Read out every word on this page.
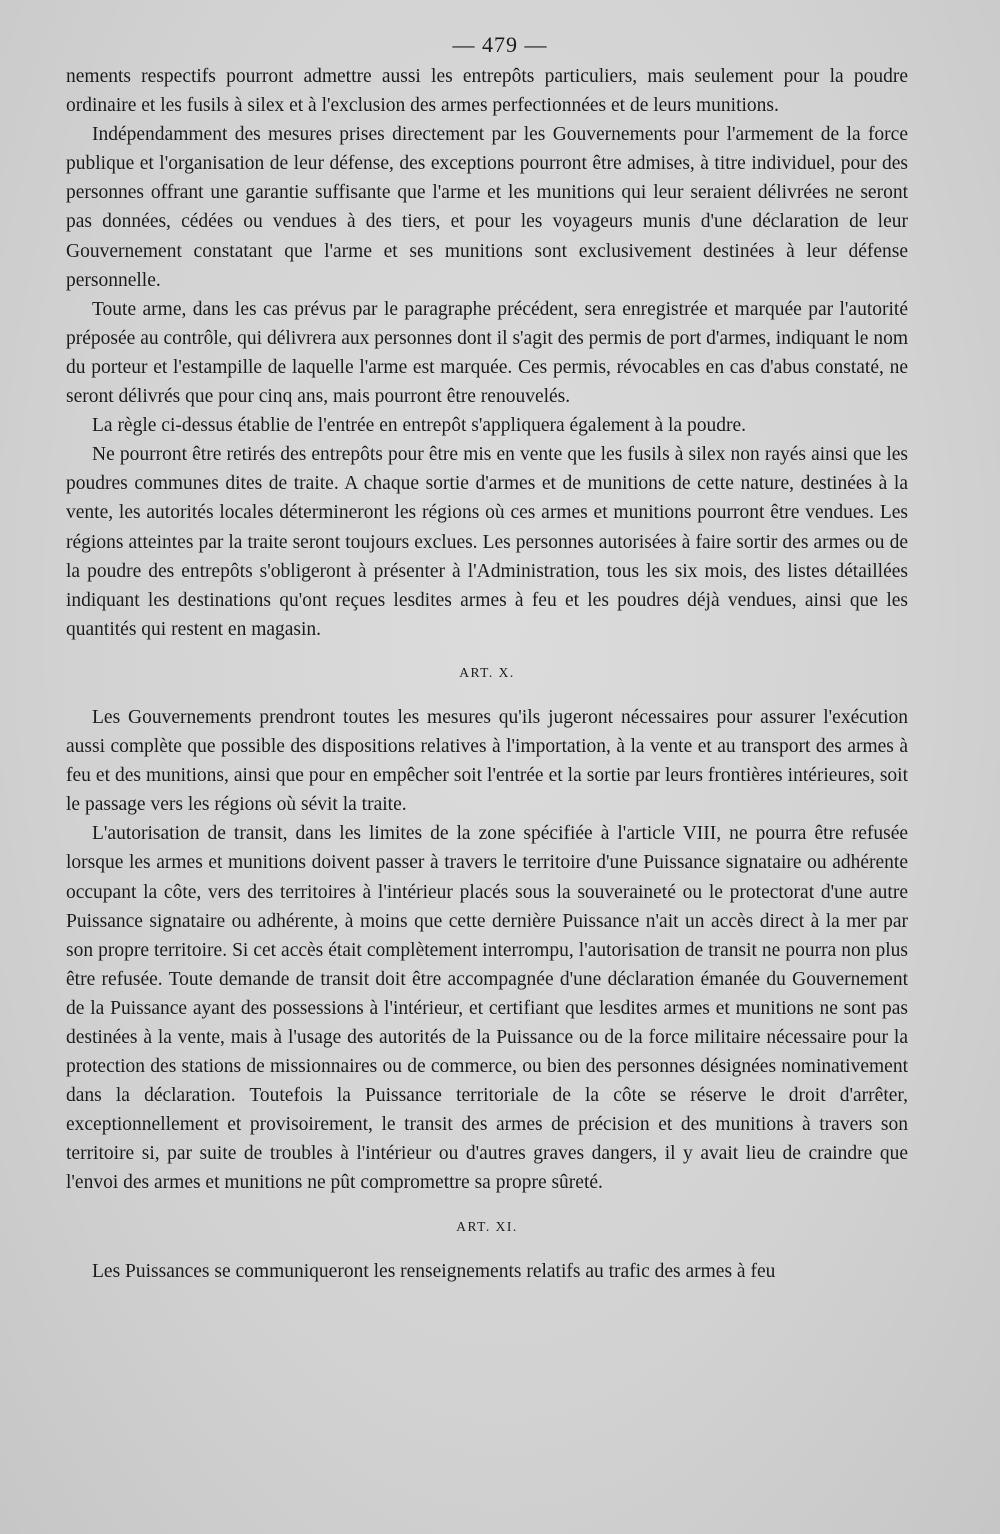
— 479 —

nements respectifs pourront admettre aussi les entrepôts particuliers, mais seulement pour la poudre ordinaire et les fusils à silex et à l'exclusion des armes perfectionnées et de leurs munitions.

Indépendamment des mesures prises directement par les Gouvernements pour l'armement de la force publique et l'organisation de leur défense, des exceptions pourront être admises, à titre individuel, pour des personnes offrant une garantie suffisante que l'arme et les munitions qui leur seraient délivrées ne seront pas données, cédées ou vendues à des tiers, et pour les voyageurs munis d'une déclaration de leur Gouvernement constatant que l'arme et ses munitions sont exclusivement destinées à leur défense personnelle.

Toute arme, dans les cas prévus par le paragraphe précédent, sera enregistrée et marquée par l'autorité préposée au contrôle, qui délivrera aux personnes dont il s'agit des permis de port d'armes, indiquant le nom du porteur et l'estampille de laquelle l'arme est marquée. Ces permis, révocables en cas d'abus constaté, ne seront délivrés que pour cinq ans, mais pourront être renouvelés.

La règle ci-dessus établie de l'entrée en entrepôt s'appliquera également à la poudre.

Ne pourront être retirés des entrepôts pour être mis en vente que les fusils à silex non rayés ainsi que les poudres communes dites de traite. A chaque sortie d'armes et de munitions de cette nature, destinées à la vente, les autorités locales détermineront les régions où ces armes et munitions pourront être vendues. Les régions atteintes par la traite seront toujours exclues. Les personnes autorisées à faire sortir des armes ou de la poudre des entrepôts s'obligeront à présenter à l'Administration, tous les six mois, des listes détaillées indiquant les destinations qu'ont reçues lesdites armes à feu et les poudres déjà vendues, ainsi que les quantités qui restent en magasin.

ART. X.

Les Gouvernements prendront toutes les mesures qu'ils jugeront nécessaires pour assurer l'exécution aussi complète que possible des dispositions relatives à l'importation, à la vente et au transport des armes à feu et des munitions, ainsi que pour en empêcher soit l'entrée et la sortie par leurs frontières intérieures, soit le passage vers les régions où sévit la traite.

L'autorisation de transit, dans les limites de la zone spécifiée à l'article VIII, ne pourra être refusée lorsque les armes et munitions doivent passer à travers le territoire d'une Puissance signataire ou adhérente occupant la côte, vers des territoires à l'intérieur placés sous la souveraineté ou le protectorat d'une autre Puissance signataire ou adhérente, à moins que cette dernière Puissance n'ait un accès direct à la mer par son propre territoire. Si cet accès était complètement interrompu, l'autorisation de transit ne pourra non plus être refusée. Toute demande de transit doit être accompagnée d'une déclaration émanée du Gouvernement de la Puissance ayant des possessions à l'intérieur, et certifiant que lesdites armes et munitions ne sont pas destinées à la vente, mais à l'usage des autorités de la Puissance ou de la force militaire nécessaire pour la protection des stations de missionnaires ou de commerce, ou bien des personnes désignées nominativement dans la déclaration. Toutefois la Puissance territoriale de la côte se réserve le droit d'arrêter, exceptionnellement et provisoirement, le transit des armes de précision et des munitions à travers son territoire si, par suite de troubles à l'intérieur ou d'autres graves dangers, il y avait lieu de craindre que l'envoi des armes et munitions ne pût compromettre sa propre sûreté.

ART. XI.

Les Puissances se communiqueront les renseignements relatifs au trafic des armes à feu
